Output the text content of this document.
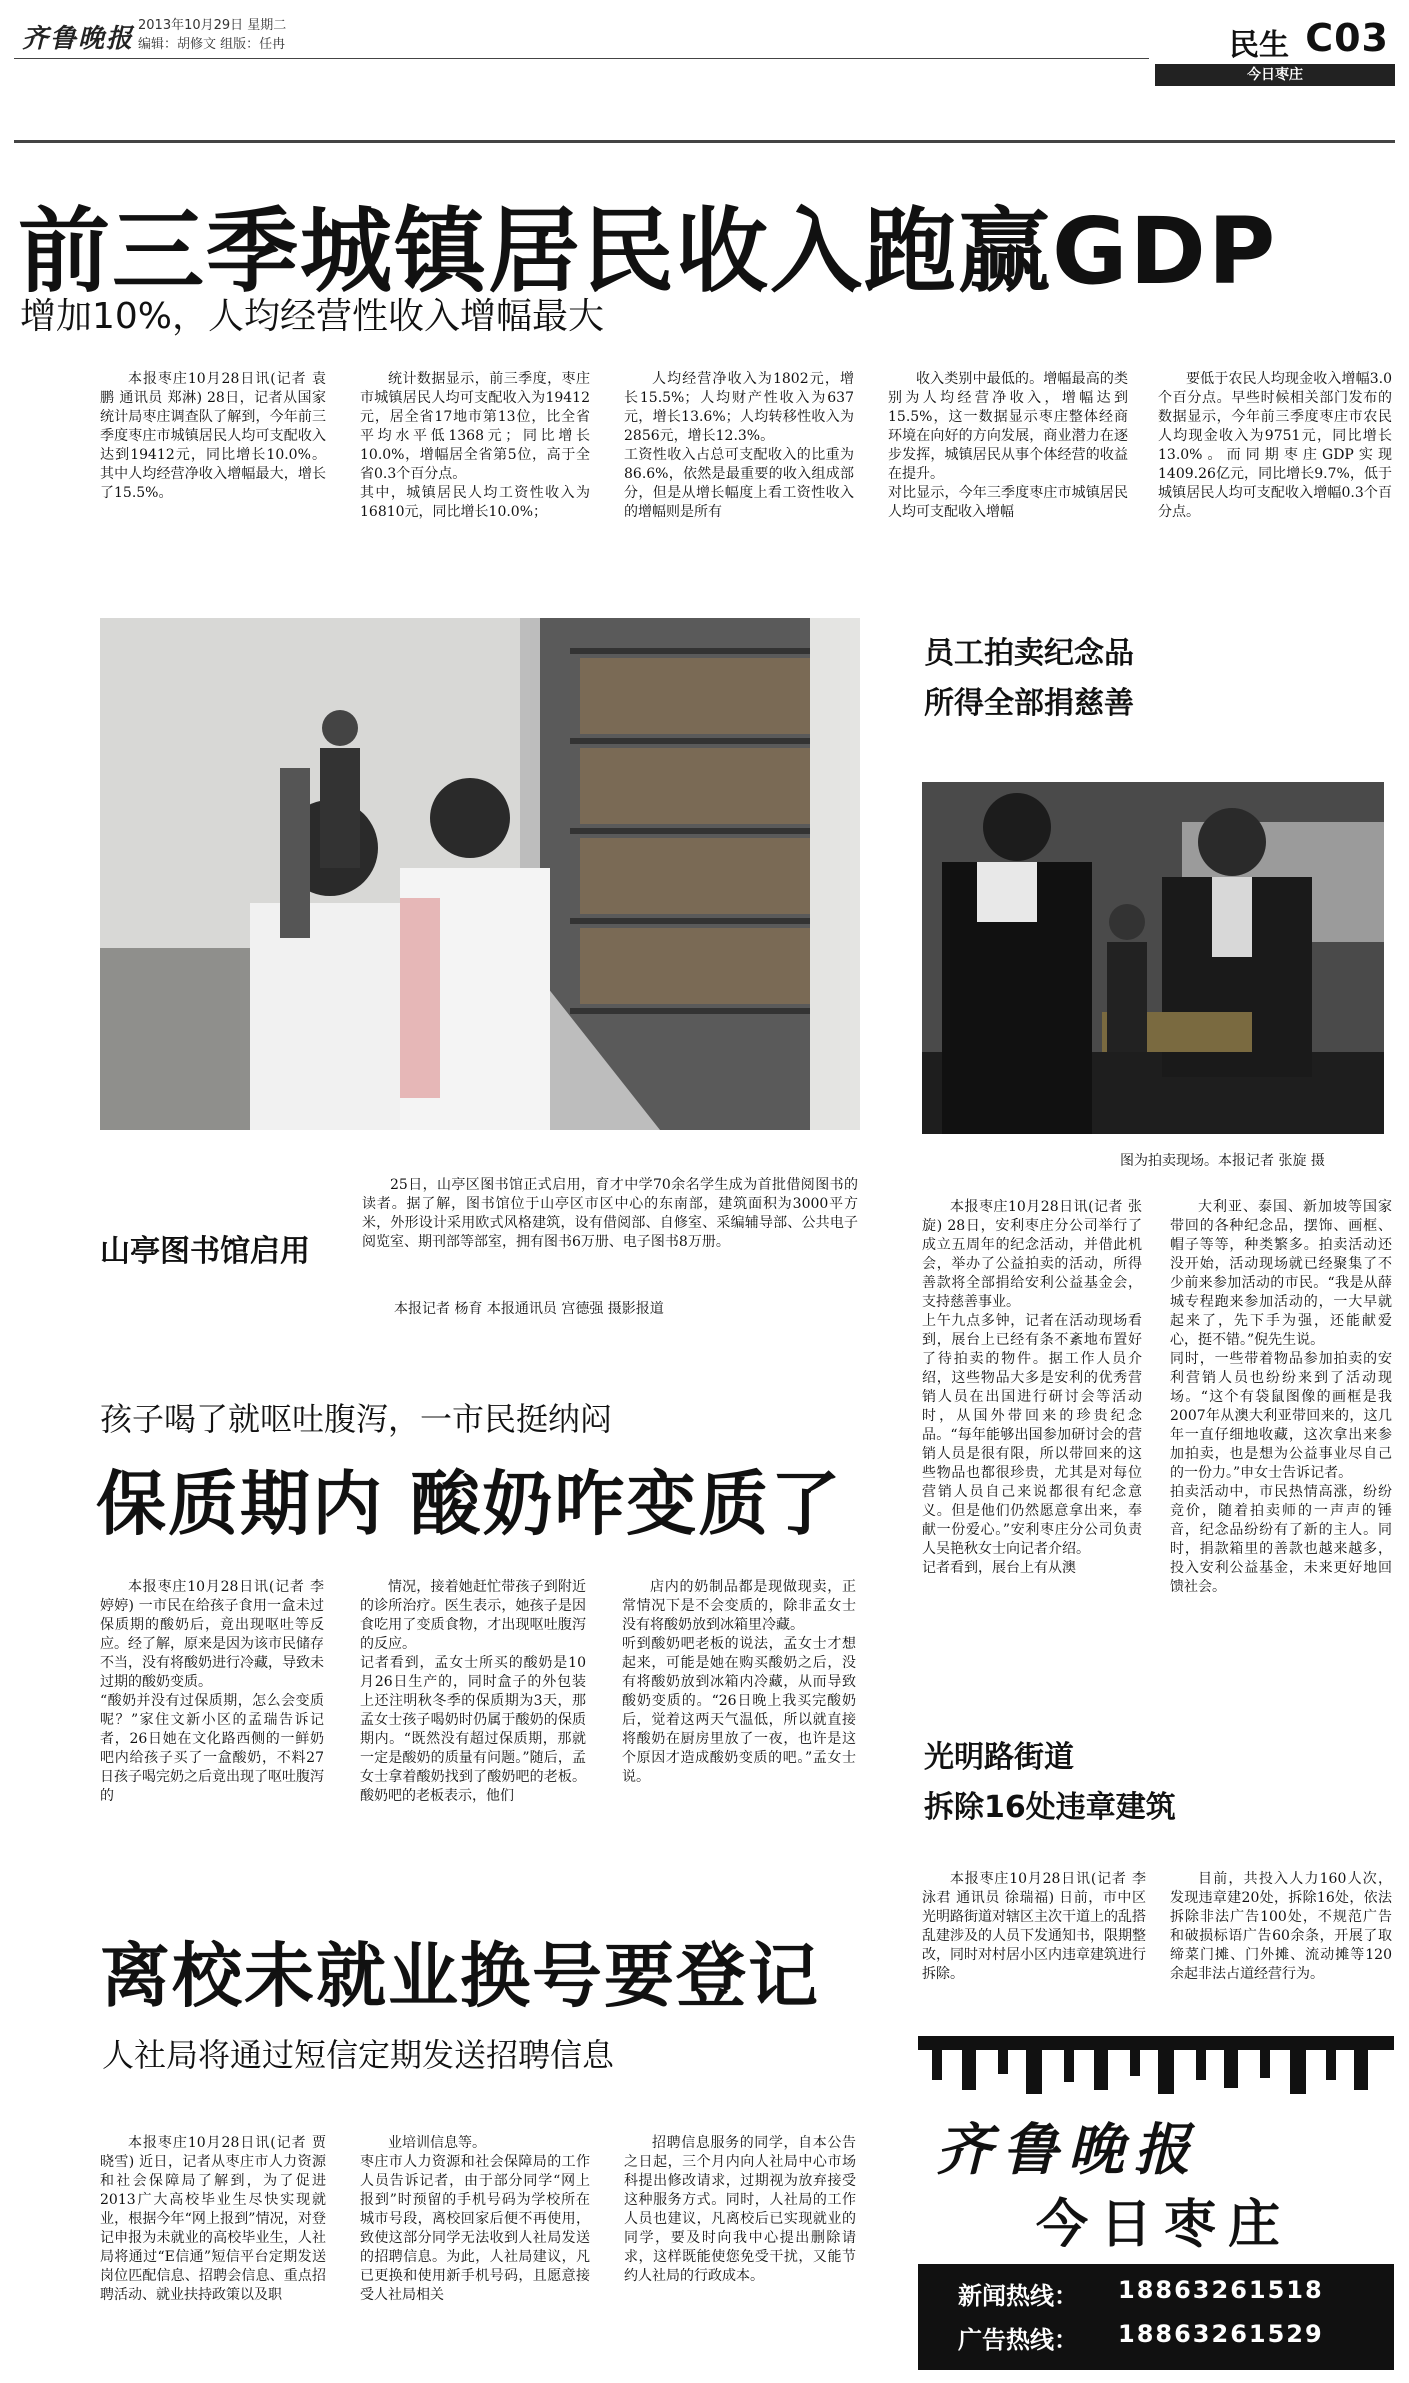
齐鲁晚报 2013年10月29日 星期二
编辑：胡修文 组版：任冉	民生 C03
今日枣庄
前三季城镇居民收入跑赢GDP
增加10%，人均经营性收入增幅最大

本报枣庄10月28日讯(记者 袁鹏 通讯员 郑淋) 28日，记者从国家统计局枣庄调查队了解到，今年前三季度枣庄市城镇居民人均可支配收入达到19412元，同比增长10.0%。其中人均经营净收入增幅最大，增长了15.5%。

统计数据显示，前三季度，枣庄市城镇居民人均可支配收入为19412元，居全省17地市第13位，比全省平均水平低1368元；同比增长10.0%，增幅居全省第5位，高于全省0.3个百分点。
其中，城镇居民人均工资性收入为16810元，同比增长10.0%；

人均经营净收入为1802元，增长15.5%；人均财产性收入为637元，增长13.6%；人均转移性收入为2856元，增长12.3%。
工资性收入占总可支配收入的比重为86.6%，依然是最重要的收入组成部分，但是从增长幅度上看工资性收入的增幅则是所有

收入类别中最低的。增幅最高的类别为人均经营净收入，增幅达到15.5%，这一数据显示枣庄整体经商环境在向好的方向发展，商业潜力在逐步发挥，城镇居民从事个体经营的收益在提升。
对比显示，今年三季度枣庄市城镇居民人均可支配收入增幅

要低于农民人均现金收入增幅3.0个百分点。早些时候相关部门发布的数据显示，今年前三季度枣庄市农民人均现金收入为9751元，同比增长13.0%。而同期枣庄GDP实现1409.26亿元，同比增长9.7%，低于城镇居民人均可支配收入增幅0.3个百分点。

山亭图书馆启用

25日，山亭区图书馆正式启用，育才中学70余名学生成为首批借阅图书的读者。据了解，图书馆位于山亭区市区中心的东南部，建筑面积为3000平方米，外形设计采用欧式风格建筑，设有借阅部、自修室、采编辅导部、公共电子阅览室、期刊部等部室，拥有图书6万册、电子图书8万册。

本报记者 杨育 本报通讯员 宫德强 摄影报道
员工拍卖纪念品
所得全部捐慈善
图为拍卖现场。本报记者 张旋 摄

本报枣庄10月28日讯(记者 张旋) 28日，安利枣庄分公司举行了成立五周年的纪念活动，并借此机会，举办了公益拍卖的活动，所得善款将全部捐给安利公益基金会，支持慈善事业。
上午九点多钟，记者在活动现场看到，展台上已经有条不紊地布置好了待拍卖的物件。据工作人员介绍，这些物品大多是安利的优秀营销人员在出国进行研讨会等活动时，从国外带回来的珍贵纪念品。“每年能够出国参加研讨会的营销人员是很有限，所以带回来的这些物品也都很珍贵，尤其是对每位营销人员自己来说都很有纪念意义。但是他们仍然愿意拿出来，奉献一份爱心。”安利枣庄分公司负责人吴艳秋女士向记者介绍。
记者看到，展台上有从澳

大利亚、泰国、新加坡等国家带回的各种纪念品，摆饰、画框、帽子等等，种类繁多。拍卖活动还没开始，活动现场就已经聚集了不少前来参加活动的市民。“我是从薛城专程跑来参加活动的，一大早就起来了，先下手为强，还能献爱心，挺不错。”倪先生说。
同时，一些带着物品参加拍卖的安利营销人员也纷纷来到了活动现场。“这个有袋鼠图像的画框是我2007年从澳大利亚带回来的，这几年一直仔细地收藏，这次拿出来参加拍卖，也是想为公益事业尽自己的一份力。”申女士告诉记者。
拍卖活动中，市民热情高涨，纷纷竞价，随着拍卖师的一声声的锤音，纪念品纷纷有了新的主人。同时，捐款箱里的善款也越来越多，投入安利公益基金，未来更好地回馈社会。

孩子喝了就呕吐腹泻，一市民挺纳闷
保质期内 酸奶咋变质了

本报枣庄10月28日讯(记者 李婷婷) 一市民在给孩子食用一盒未过保质期的酸奶后，竟出现呕吐等反应。经了解，原来是因为该市民储存不当，没有将酸奶进行冷藏，导致未过期的酸奶变质。
“酸奶并没有过保质期，怎么会变质呢？”家住文新小区的孟瑞告诉记者，26日她在文化路西侧的一鲜奶吧内给孩子买了一盒酸奶，不料27日孩子喝完奶之后竟出现了呕吐腹泻的

情况，接着她赶忙带孩子到附近的诊所治疗。医生表示，她孩子是因食吃用了变质食物，才出现呕吐腹泻的反应。
记者看到，孟女士所买的酸奶是10月26日生产的，同时盒子的外包装上还注明秋冬季的保质期为3天，那孟女士孩子喝奶时仍属于酸奶的保质期内。“既然没有超过保质期，那就一定是酸奶的质量有问题。”随后，孟女士拿着酸奶找到了酸奶吧的老板。酸奶吧的老板表示，他们

店内的奶制品都是现做现卖，正常情况下是不会变质的，除非孟女士没有将酸奶放到冰箱里冷藏。
听到酸奶吧老板的说法，孟女士才想起来，可能是她在购买酸奶之后，没有将酸奶放到冰箱内冷藏，从而导致酸奶变质的。“26日晚上我买完酸奶后，觉着这两天气温低，所以就直接将酸奶在厨房里放了一夜，也许是这个原因才造成酸奶变质的吧。”孟女士说。

光明路街道
拆除16处违章建筑

本报枣庄10月28日讯(记者 李泳君 通讯员 徐瑞福) 日前，市中区光明路街道对辖区主次干道上的乱搭乱建涉及的人员下发通知书，限期整改，同时对村居小区内违章建筑进行拆除。

目前，共投入人力160人次，发现违章建20处，拆除16处，依法拆除非法广告100处，不规范广告和破损标语广告60余条，开展了取缔菜门摊、门外摊、流动摊等120余起非法占道经营行为。

离校未就业换号要登记
人社局将通过短信定期发送招聘信息

本报枣庄10月28日讯(记者 贾晓雪) 近日，记者从枣庄市人力资源和社会保障局了解到，为了促进2013广大高校毕业生尽快实现就业，根据今年“网上报到”情况，对登记申报为未就业的高校毕业生，人社局将通过“E信通”短信平台定期发送岗位匹配信息、招聘会信息、重点招聘活动、就业扶持政策以及职

业培训信息等。
枣庄市人力资源和社会保障局的工作人员告诉记者，由于部分同学“网上报到”时预留的手机号码为学校所在城市号段，离校回家后便不再使用，致使这部分同学无法收到人社局发送的招聘信息。为此，人社局建议，凡已更换和使用新手机号码，且愿意接受人社局相关

招聘信息服务的同学，自本公告之日起，三个月内向人社局中心市场科提出修改请求，过期视为放弃接受这种服务方式。同时，人社局的工作人员也建议，凡离校后已实现就业的同学，要及时向我中心提出删除请求，这样既能使您免受干扰，又能节约人社局的行政成本。

齐鲁晚报
今日枣庄
新闻热线： 18863261518
广告热线： 18863261529
